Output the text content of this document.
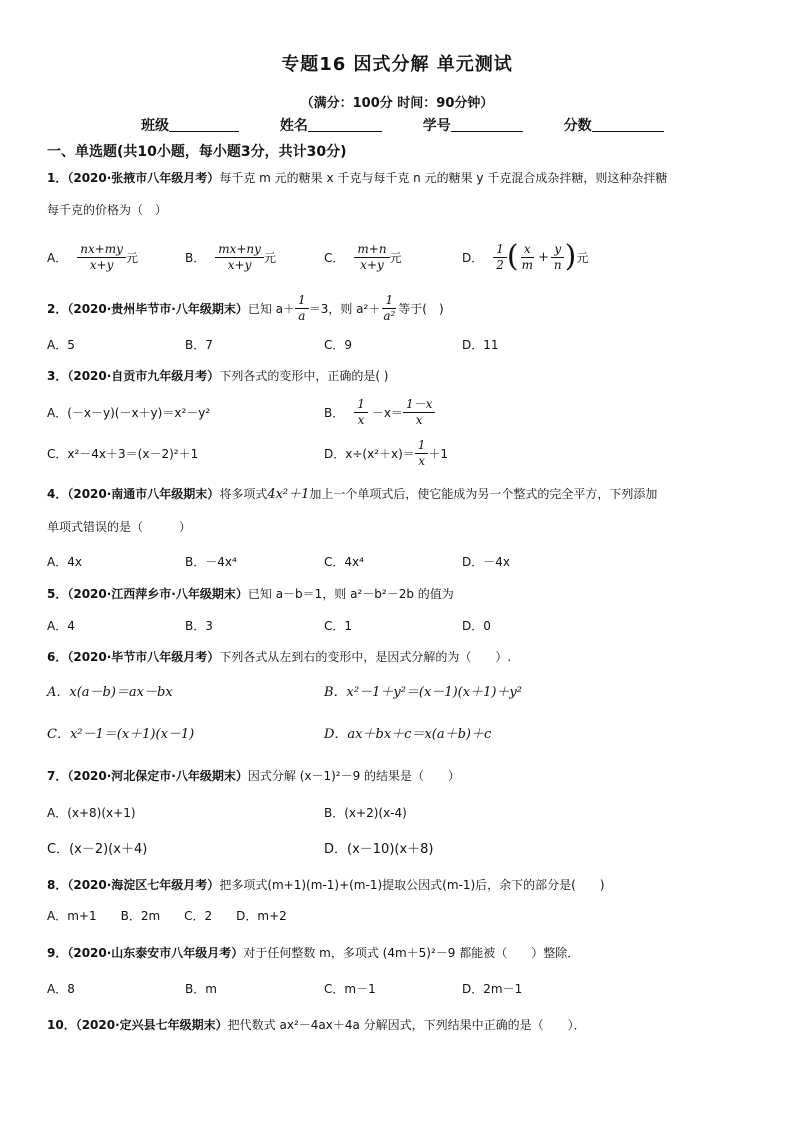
专题16 因式分解 单元测试
（满分：100分 时间：90分钟）
班级	姓名	学号	分数
一、单选题(共10小题，每小题3分，共计30分)
1．（2020·张掖市八年级月考）每千克 m 元的糖果 x 千克与每千克 n 元的糖果 y 千克混合成杂拌糖，则这种杂拌糖
每千克的价格为（　）
A． $\frac{nx+my}{x+y}$ 元	B． $\frac{mx+ny}{x+y}$ 元	C． $\frac{m+n}{x+y}$ 元	D． $\frac{1}{2}$ ( $\frac{x}{m} + \frac{y}{n}$ ) 元
2．（2020·贵州毕节市·八年级期末） 已知 $a+ \frac{1}{a} =3$，则 $a^2+ \frac{1}{\text{a²}}$ 等于(　)
A．5	B．7	C．9	D．11
3．（2020·自贡市九年级月考） 下列各式的变形中，正确的是( )
A．(－x－y)(－x＋y)＝x²－y²	B． $\frac{1}{x} -x= \frac{1-x}{x}$
C．x²－4x＋3＝(x－2)²＋1	D．$x\div(x^2+x)= \frac{1}{x} +1$
4．（2020·南通市八年级期末）将多项式4x²＋1加上一个单项式后，使它能成为另一个整式的完全平方，下列添加
单项式错误的是（　　　）
A．4x	B．－4x⁴	C．4x⁴	D．－4x
5．（2020·江西萍乡市·八年级期末） 已知 a－b＝1，则 a²－b²－2b 的值为
A．4	B．3	C．1	D．0
6．（2020·毕节市八年级月考） 下列各式从左到右的变形中，是因式分解的为（　　）.
A．x(a－b)＝ax－bx	B．x²－1＋y²＝(x－1)(x＋1)＋y²
C．x²－1＝(x＋1)(x－1)	D．ax＋bx＋c＝x(a＋b)＋c
7．（2020·河北保定市·八年级期末） 因式分解 (x－1)²－9 的结果是（　　）
A．(x+8)(x+1)	B．(x+2)(x-4)
C．(x－2)(x＋4)	D．(x－10)(x＋8)
8．（2020·海淀区七年级月考） 把多项式(m+1)(m-1)+(m-1)提取公因式(m-1)后，余下的部分是(　　)
A．m+1　　B．2m　　C．2　　D．m+2
9．（2020·山东泰安市八年级月考） 对于任何整数 m，多项式 (4m＋5)²－9 都能被（　　）整除．
A．8	B．m	C．m－1	D．2m－1
10．（2020·定兴县七年级期末） 把代数式 ax²－4ax＋4a 分解因式，下列结果中正确的是（　　）．
